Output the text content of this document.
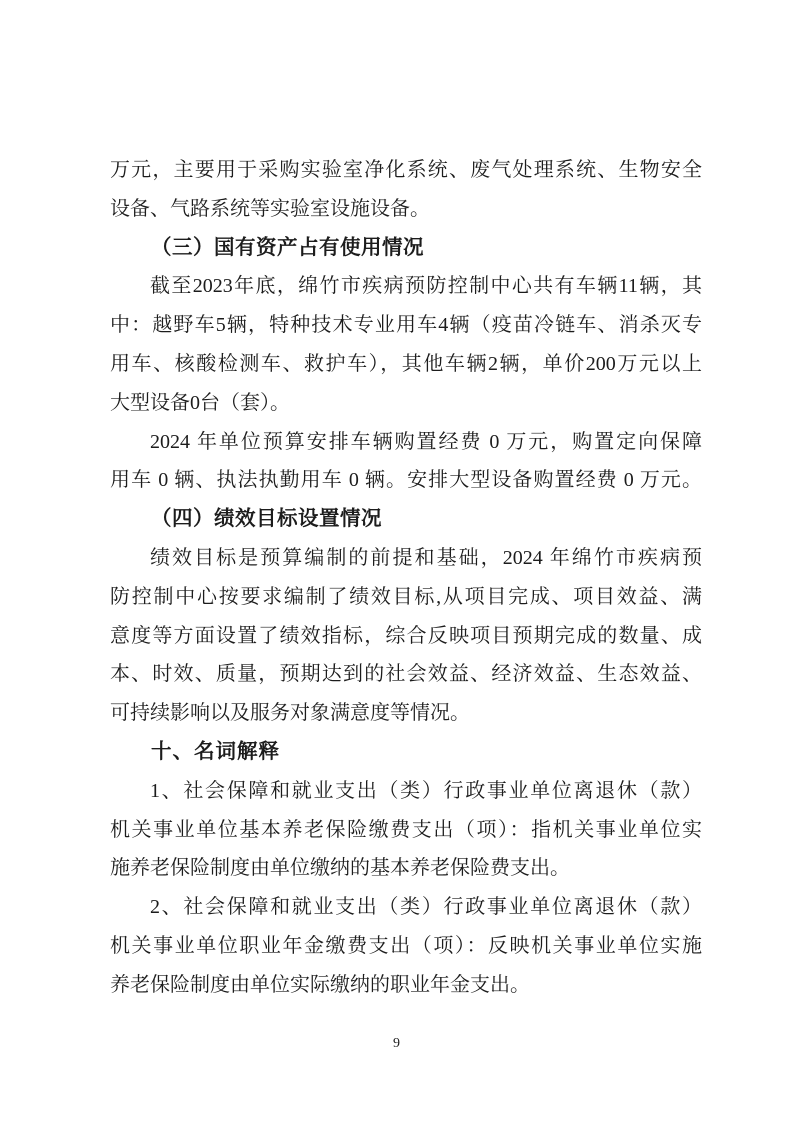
万元，主要用于采购实验室净化系统、废气处理系统、生物安全
设备、气路系统等实验室设施设备。
（三）国有资产占有使用情况
截至2023年底，绵竹市疾病预防控制中心共有车辆11辆，其
中：越野车5辆，特种技术专业用车4辆（疫苗冷链车、消杀灭专
用车、核酸检测车、救护车），其他车辆2辆，单价200万元以上
大型设备0台（套）。
2024 年单位预算安排车辆购置经费 0 万元，购置定向保障
用车 0 辆、执法执勤用车 0 辆。安排大型设备购置经费 0 万元。
（四）绩效目标设置情况
绩效目标是预算编制的前提和基础，2024 年绵竹市疾病预
防控制中心按要求编制了绩效目标,从项目完成、项目效益、满
意度等方面设置了绩效指标，综合反映项目预期完成的数量、成
本、时效、质量，预期达到的社会效益、经济效益、生态效益、
可持续影响以及服务对象满意度等情况。
十、名词解释
1、社会保障和就业支出（类）行政事业单位离退休（款）
机关事业单位基本养老保险缴费支出（项）：指机关事业单位实
施养老保险制度由单位缴纳的基本养老保险费支出。
2、社会保障和就业支出（类）行政事业单位离退休（款）
机关事业单位职业年金缴费支出（项）：反映机关事业单位实施
养老保险制度由单位实际缴纳的职业年金支出。
9
